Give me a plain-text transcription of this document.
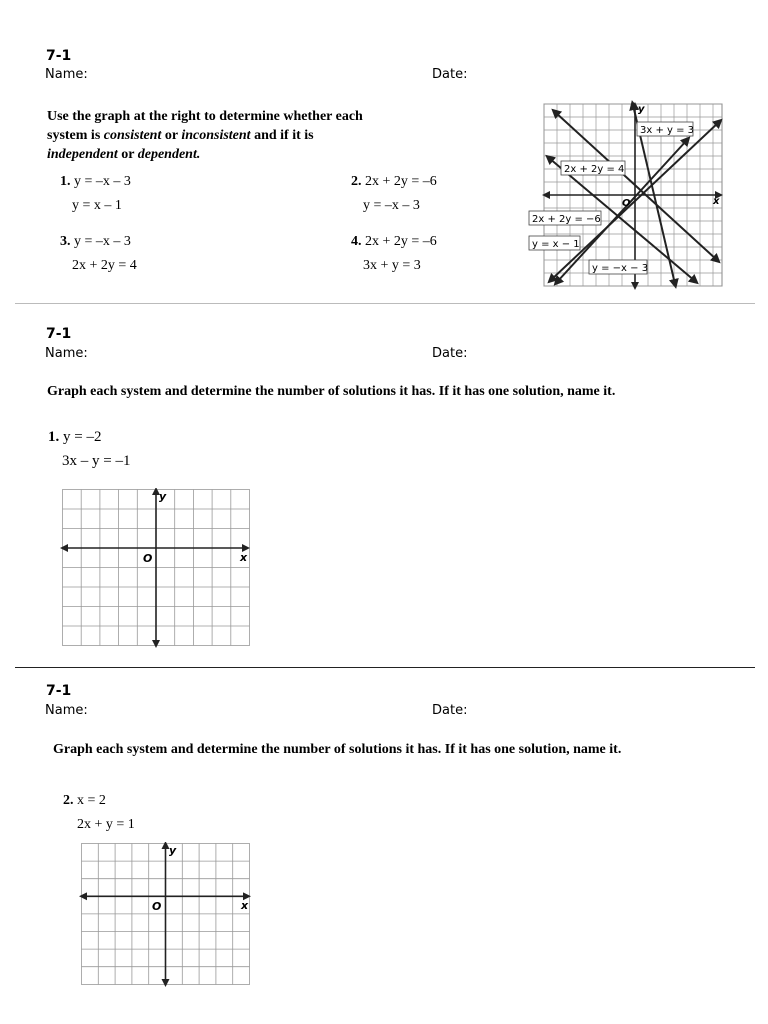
7-1
Name:	Date:
Use the graph at the right to determine whether each
system is consistent or inconsistent and if it is
independent or dependent.
1. y = –x – 3
y = x – 1
2. 2x + 2y = –6
y = –x – 3
3. y = –x – 3
2x + 2y = 4
4. 2x + 2y = –6
3x + y = 3
y
x
O
3x + y = 3
2x + 2y = 4
2x + 2y = −6
y = x − 1
y = −x − 3
7-1
Name:	Date:
Graph each system and determine the number of solutions it has. If it has one solution, name it.
1. y = –2
3x – y = –1
y
x
O
7-1
Name:	Date:
Graph each system and determine the number of solutions it has. If it has one solution, name it.
2. x = 2
2x + y = 1
y
x
O
